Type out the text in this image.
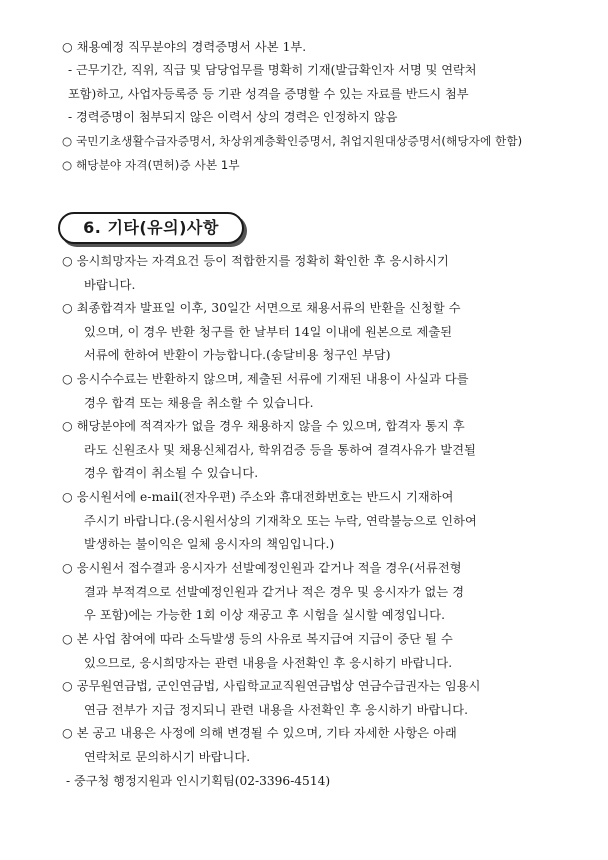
○ 채용예정 직무분야의 경력증명서 사본 1부.
- 근무기간, 직위, 직급 및 담당업무를 명확히 기재(발급확인자 서명 및 연락처
포함)하고, 사업자등록증 등 기관 성격을 증명할 수 있는 자료를 반드시 첨부
- 경력증명이 첨부되지 않은 이력서 상의 경력은 인정하지 않음
○ 국민기초생활수급자증명서, 차상위계층확인증명서, 취업지원대상증명서(해당자에 한함)
○ 해당분야 자격(면허)증 사본 1부
6. 기타(유의)사항
○ 응시희망자는 자격요건 등이 적합한지를 정확히 확인한 후 응시하시기
바랍니다.
○ 최종합격자 발표일 이후, 30일간 서면으로 채용서류의 반환을 신청할 수
있으며, 이 경우 반환 청구를 한 날부터 14일 이내에 원본으로 제출된
서류에 한하여 반환이 가능합니다.(송달비용 청구인 부담)
○ 응시수수료는 반환하지 않으며, 제출된 서류에 기재된 내용이 사실과 다를
경우 합격 또는 채용을 취소할 수 있습니다.
○ 해당분야에 적격자가 없을 경우 채용하지 않을 수 있으며, 합격자 통지 후
라도 신원조사 및 채용신체검사, 학위검증 등을 통하여 결격사유가 발견될
경우 합격이 취소될 수 있습니다.
○ 응시원서에 e-mail(전자우편) 주소와 휴대전화번호는 반드시 기재하여
주시기 바랍니다.(응시원서상의 기재착오 또는 누락, 연락불능으로 인하여
발생하는 불이익은 일체 응시자의 책임입니다.)
○ 응시원서 접수결과 응시자가 선발예정인원과 같거나 적을 경우(서류전형
결과 부적격으로 선발예정인원과 같거나 적은 경우 및 응시자가 없는 경
우 포함)에는 가능한 1회 이상 재공고 후 시험을 실시할 예정입니다.
○ 본 사업 참여에 따라 소득발생 등의 사유로 복지급여 지급이 중단 될 수
있으므로, 응시희망자는 관련 내용을 사전확인 후 응시하기 바랍니다.
○ 공무원연금법, 군인연금법, 사립학교교직원연금법상 연금수급권자는 임용시
연금 전부가 지급 정지되니 관련 내용을 사전확인 후 응시하기 바랍니다.
○ 본 공고 내용은 사정에 의해 변경될 수 있으며, 기타 자세한 사항은 아래
연락처로 문의하시기 바랍니다.
- 중구청 행정지원과 인시기획팀(02-3396-4514)
